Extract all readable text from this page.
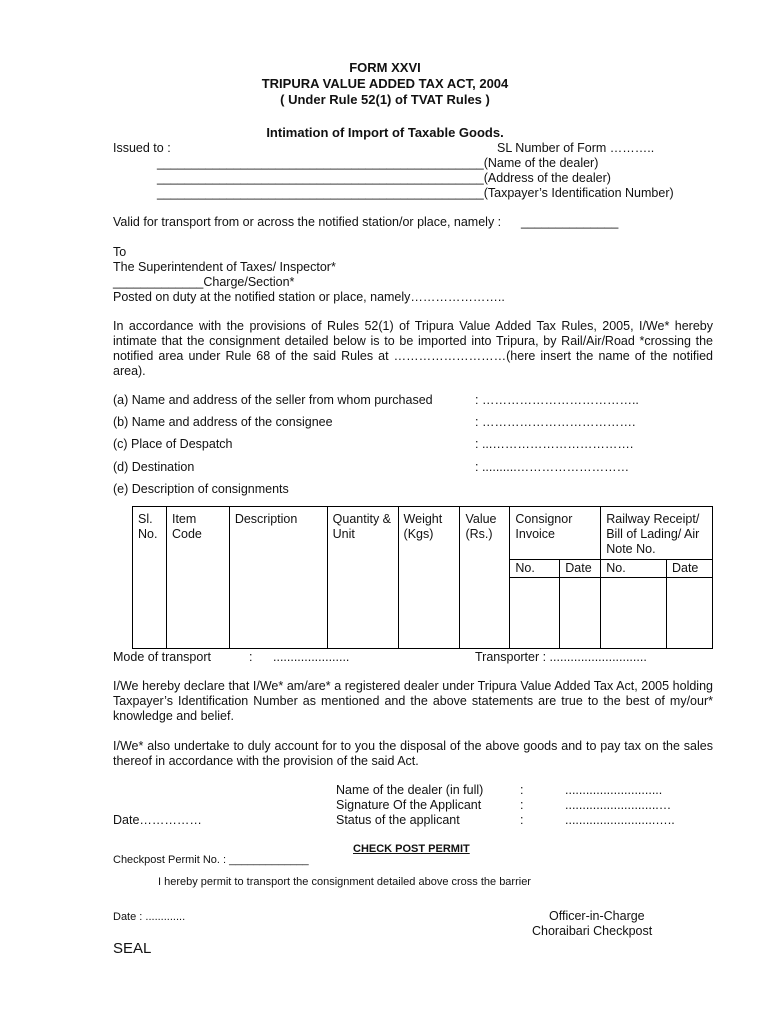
FORM XXVI
TRIPURA VALUE ADDED TAX ACT, 2004
( Under Rule 52(1) of TVAT Rules )
Intimation of Import of Taxable Goods.
Issued to :	SL Number of Form ………..
_______________________________________________(Name of the dealer)
_______________________________________________(Address of the dealer)
_______________________________________________(Taxpayer’s Identification Number)
Valid for transport from or across the notified station/or place, namely : ______________
To
The Superintendent of Taxes/ Inspector*
_____________Charge/Section*
Posted on duty at the notified station or place, namely…………………..
In accordance with the provisions of Rules 52(1) of Tripura Value Added Tax Rules, 2005, I/We* hereby intimate that the consignment detailed below is to be imported into Tripura, by Rail/Air/Road *crossing the notified area under Rule 68 of the said Rules at ………………………(here insert the name of the notified area).
(a) Name and address of the seller from whom purchased	: ………………………………..
(b) Name and address of the consignee	: ……………………………….
(c) Place of Despatch	: ...…………………………….
(d) Destination	: ..........………………………
(e) Description of consignments
Sl. No.	Item Code	Description	Quantity & Unit	Weight (Kgs)	Value (Rs.)	Consignor Invoice		Railway Receipt/ Bill of Lading/ Air Note No.	
						No.	Date	No.	Date

Mode of transport	: ......................	Transporter : ............................
I/We hereby declare that I/We* am/are* a registered dealer under Tripura Value Added Tax Act, 2005 holding Taxpayer’s Identification Number as mentioned and the above statements are true to the best of my/our* knowledge and belief.
I/We* also undertake to duly account for to you the disposal of the above goods and to pay tax on the sales thereof in accordance with the provision of the said Act.
Name of the dealer (in full)	:	............................
Signature Of the Applicant	:	...........................…
Date……………	Status of the applicant	:	..........................…..
CHECK POST PERMIT
Checkpost Permit No. : _____________
I hereby permit to transport the consignment detailed above cross the barrier
Date : .............	Officer-in-Charge
Choraibari Checkpost
SEAL
